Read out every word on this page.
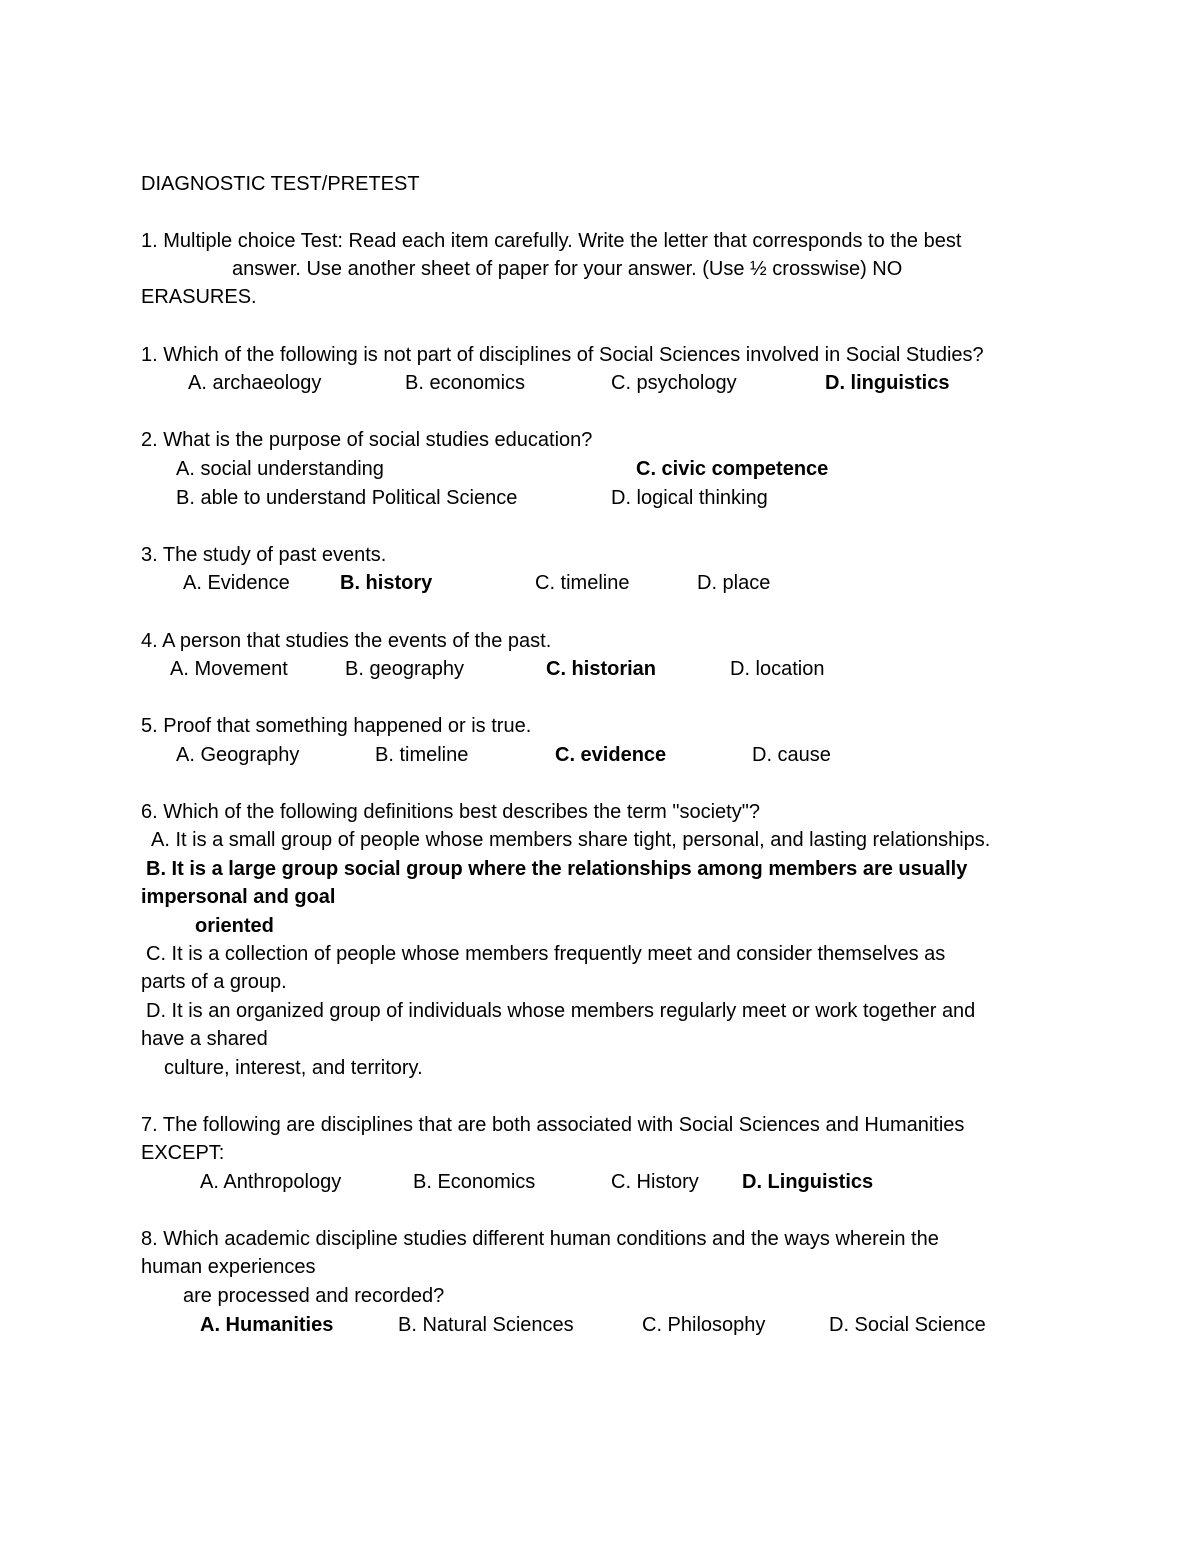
DIAGNOSTIC TEST/PRETEST
1. Multiple choice Test: Read each item carefully. Write the letter that corresponds to the best
answer. Use another sheet of paper for your answer. (Use ½ crosswise) NO
ERASURES.
1. Which of the following is not part of disciplines of Social Sciences involved in Social Studies?
A. archaeology	B. economics	C. psychology	D. linguistics
2. What is the purpose of social studies education?
A. social understanding	C. civic competence
B. able to understand Political Science	D. logical thinking
3. The study of past events.
A. Evidence	B. history	C. timeline	D. place
4. A person that studies the events of the past.
A. Movement	B. geography	C. historian	D. location
5. Proof that something happened or is true.
A. Geography	B. timeline	C. evidence	D. cause
6. Which of the following definitions best describes the term "society"?
A. It is a small group of people whose members share tight, personal, and lasting relationships.
B. It is a large group social group where the relationships among members are usually
impersonal and goal
oriented
C. It is a collection of people whose members frequently meet and consider themselves as
parts of a group.
D. It is an organized group of individuals whose members regularly meet or work together and
have a shared
culture, interest, and territory.
7. The following are disciplines that are both associated with Social Sciences and Humanities
EXCEPT:
A. Anthropology	B. Economics	C. History D. Linguistics
8. Which academic discipline studies different human conditions and the ways wherein the
human experiences
are processed and recorded?
A. Humanities	B. Natural Sciences	C. Philosophy	D. Social Science
